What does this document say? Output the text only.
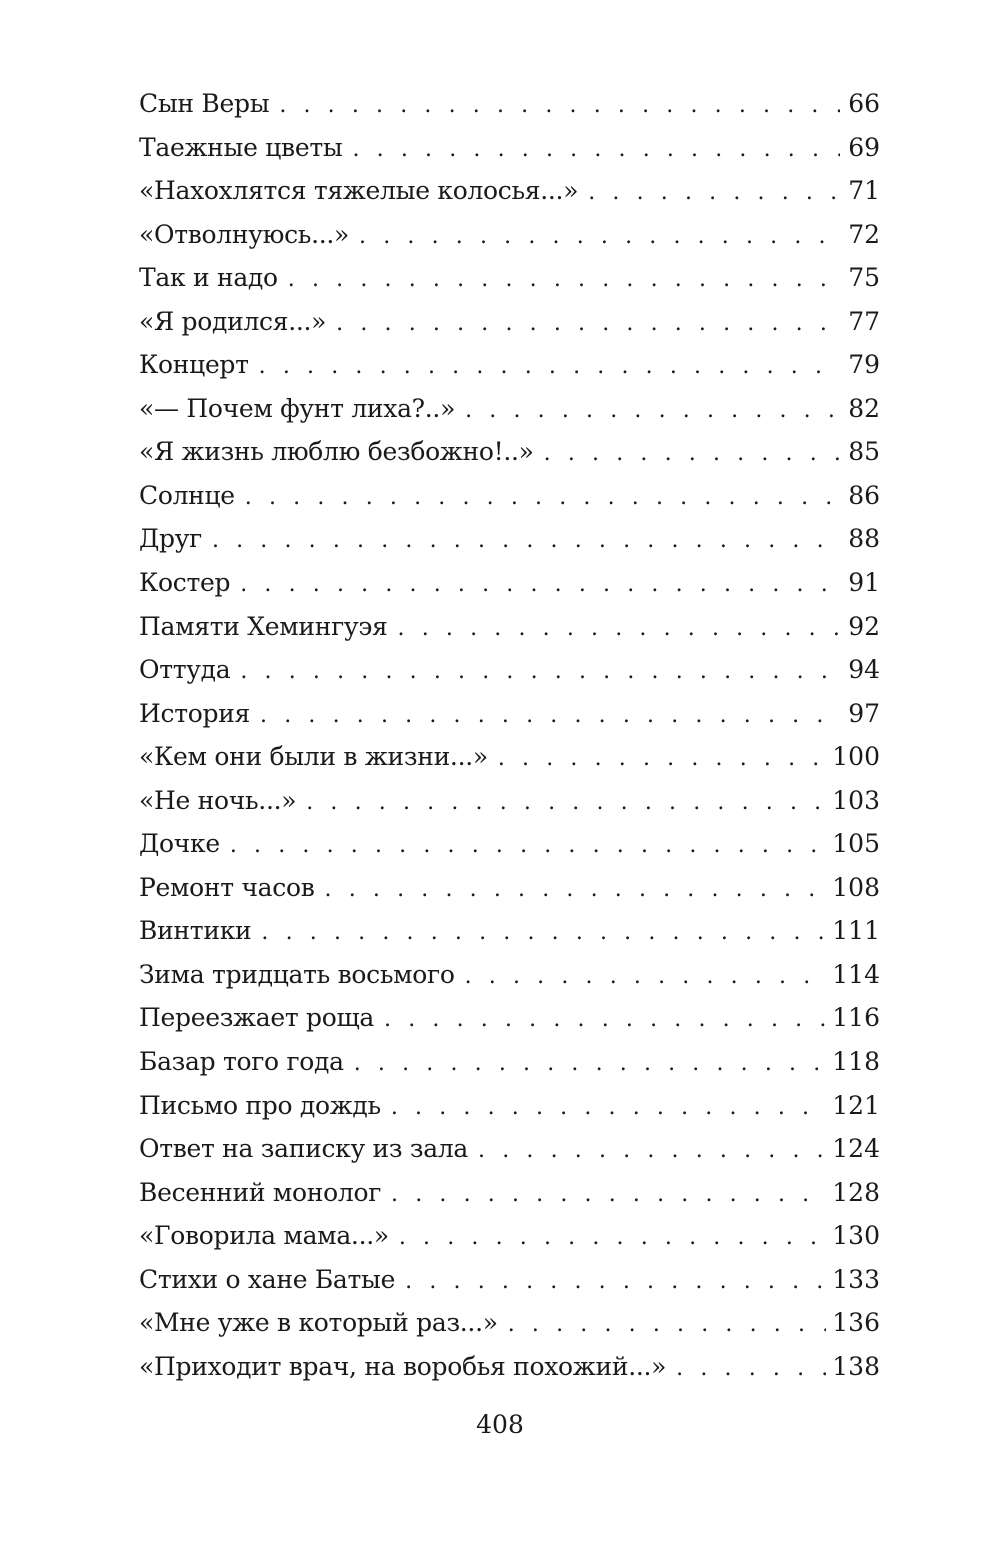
Сын Веры . . .	66
Таежные цветы . . .	69
«Нахохлятся тяжелые колосья...» . . .	71
«Отволнуюсь...» . . .	72
Так и надо . . .	75
«Я родился...» . . .	77
Концерт . . .	79
«— Почем фунт лиха?..» . . .	82
«Я жизнь люблю безбожно!..» . . .	85
Солнце . . .	86
Друг . . .	88
Костер . . .	91
Памяти Хемингуэя . . .	92
Оттуда . . .	94
История . . .	97
«Кем они были в жизни...» . . .	100
«Не ночь...» . . .	103
Дочке . . .	105
Ремонт часов . . .	108
Винтики . . .	111
Зима тридцать восьмого . . .	114
Переезжает роща . . .	116
Базар того года . . .	118
Письмо про дождь . . .	121
Ответ на записку из зала . . .	124
Весенний монолог . . .	128
«Говорила мама...» . . .	130
Стихи о хане Батые . . .	133
«Мне уже в который раз...» . . .	136
«Приходит врач, на воробья похожий...» . . .	138
408
